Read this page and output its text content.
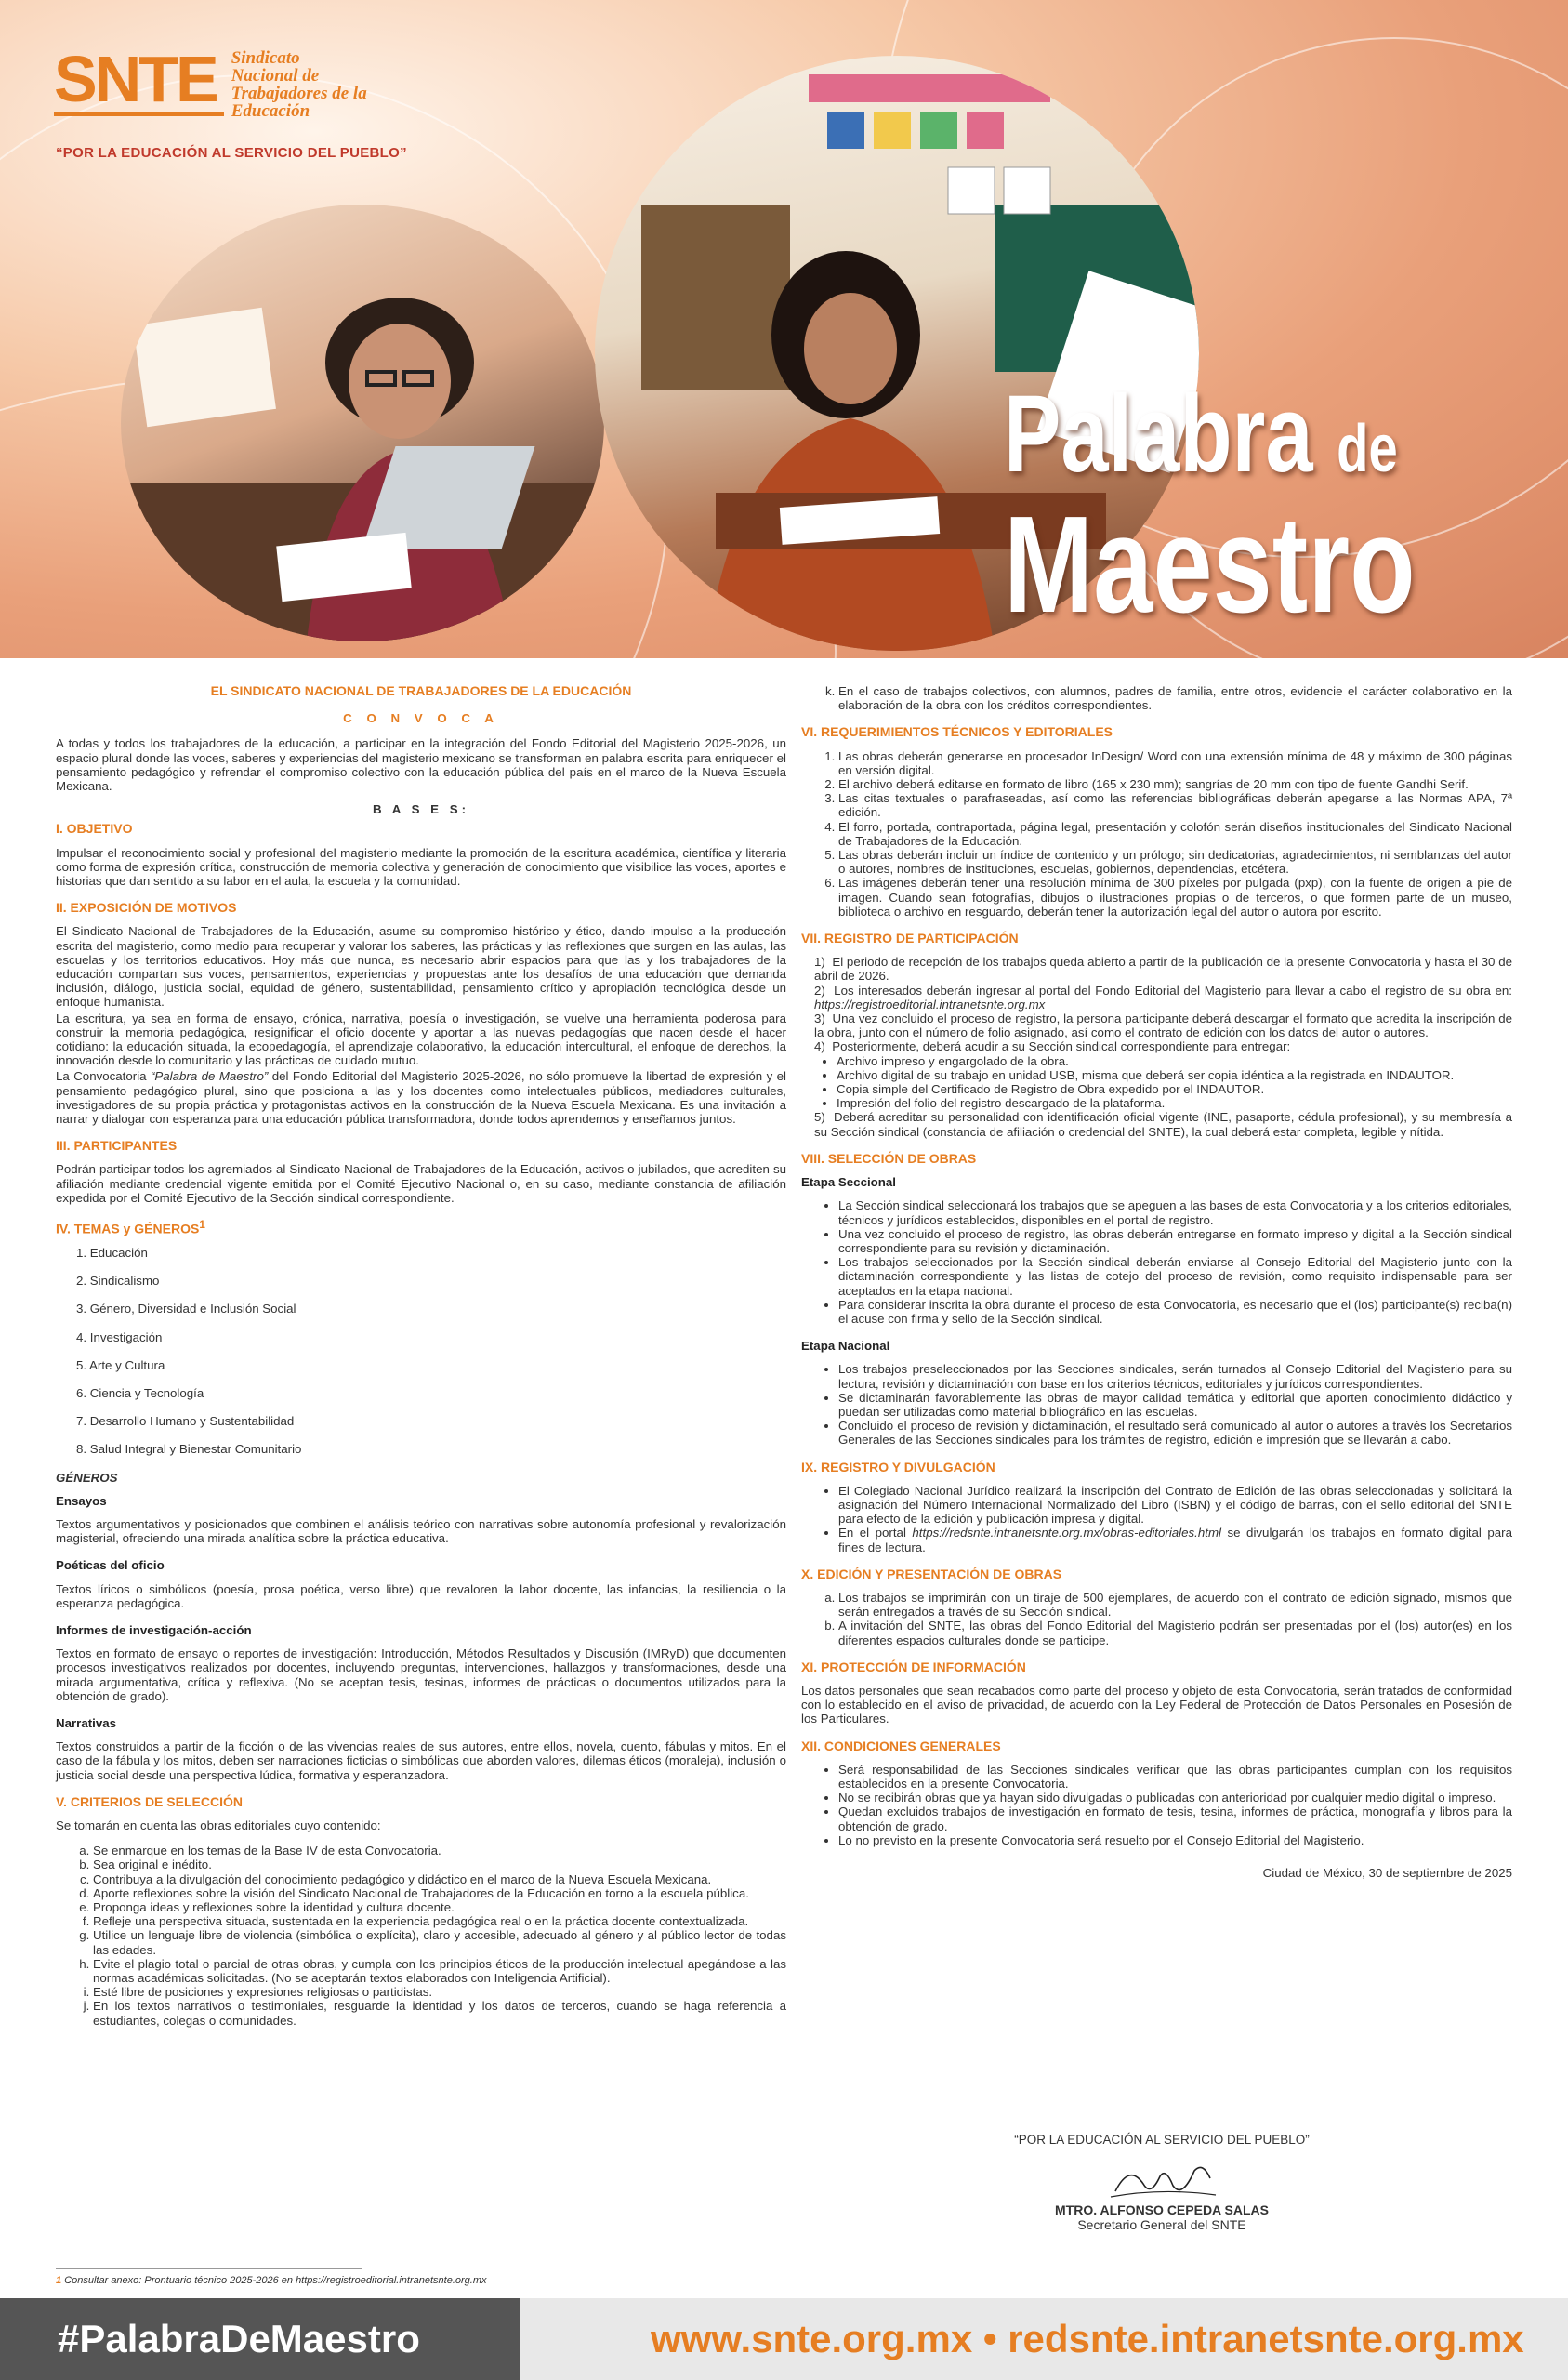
SNTE Sindicato
Nacional de
Trabajadores de la
Educación
“POR LA EDUCACIÓN AL SERVICIO DEL PUEBLO”
Palabra de
Maestro
EL SINDICATO NACIONAL DE TRABAJADORES DE LA EDUCACIÓN
C O N V O C A

A todas y todos los trabajadores de la educación, a participar en la integración del Fondo Editorial del Magisterio 2025-2026, un espacio plural donde las voces, saberes y experiencias del magisterio mexicano se transforman en palabra escrita para enriquecer el pensamiento pedagógico y refrendar el compromiso colectivo con la educación pública del país en el marco de la Nueva Escuela Mexicana.

B A S E S:
I. OBJETIVO

Impulsar el reconocimiento social y profesional del magisterio mediante la promoción de la escritura académica, científica y literaria como forma de expresión crítica, construcción de memoria colectiva y generación de conocimiento que visibilice las voces, aportes e historias que dan sentido a su labor en el aula, la escuela y la comunidad.

II. EXPOSICIÓN DE MOTIVOS

El Sindicato Nacional de Trabajadores de la Educación, asume su compromiso histórico y ético, dando impulso a la producción escrita del magisterio, como medio para recuperar y valorar los saberes, las prácticas y las reflexiones que surgen en las aulas, las escuelas y los territorios educativos. Hoy más que nunca, es necesario abrir espacios para que las y los trabajadores de la educación compartan sus voces, pensamientos, experiencias y propuestas ante los desafíos de una educación que demanda inclusión, diálogo, justicia social, equidad de género, sustentabilidad, pensamiento crítico y apropiación tecnológica desde un enfoque humanista.

La escritura, ya sea en forma de ensayo, crónica, narrativa, poesía o investigación, se vuelve una herramienta poderosa para construir la memoria pedagógica, resignificar el oficio docente y aportar a las nuevas pedagogías que nacen desde el hacer cotidiano: la educación situada, la ecopedagogía, el aprendizaje colaborativo, la educación intercultural, el enfoque de derechos, la innovación desde lo comunitario y las prácticas de cuidado mutuo.

La Convocatoria “Palabra de Maestro” del Fondo Editorial del Magisterio 2025-2026, no sólo promueve la libertad de expresión y el pensamiento pedagógico plural, sino que posiciona a las y los docentes como intelectuales públicos, mediadores culturales, investigadores de su propia práctica y protagonistas activos en la construcción de la Nueva Escuela Mexicana. Es una invitación a narrar y dialogar con esperanza para una educación pública transformadora, donde todos aprendemos y enseñamos juntos.

III. PARTICIPANTES

Podrán participar todos los agremiados al Sindicato Nacional de Trabajadores de la Educación, activos o jubilados, que acrediten su afiliación mediante credencial vigente emitida por el Comité Ejecutivo Nacional o, en su caso, mediante constancia de afiliación expedida por el Comité Ejecutivo de la Sección sindical correspondiente.

IV. TEMAS y GÉNEROS$^1$
1. Educación
2. Sindicalismo
3. Género, Diversidad e Inclusión Social
4. Investigación
5. Arte y Cultura
6. Ciencia y Tecnología
7. Desarrollo Humano y Sustentabilidad
8. Salud Integral y Bienestar Comunitario
GÉNEROS
Ensayos

Textos argumentativos y posicionados que combinen el análisis teórico con narrativas sobre autonomía profesional y revalorización magisterial, ofreciendo una mirada analítica sobre la práctica educativa.

Poéticas del oficio

Textos líricos o simbólicos (poesía, prosa poética, verso libre) que revaloren la labor docente, las infancias, la resiliencia o la esperanza pedagógica.

Informes de investigación-acción

Textos en formato de ensayo o reportes de investigación: Introducción, Métodos Resultados y Discusión (IMRyD) que documenten procesos investigativos realizados por docentes, incluyendo preguntas, intervenciones, hallazgos y transformaciones, desde una mirada argumentativa, crítica y reflexiva. (No se aceptan tesis, tesinas, informes de prácticas o documentos utilizados para la obtención de grado).

Narrativas

Textos construidos a partir de la ficción o de las vivencias reales de sus autores, entre ellos, novela, cuento, fábulas y mitos. En el caso de la fábula y los mitos, deben ser narraciones ficticias o simbólicas que aborden valores, dilemas éticos (moraleja), inclusión o justicia social desde una perspectiva lúdica, formativa y esperanzadora.

V. CRITERIOS DE SELECCIÓN

Se tomarán en cuenta las obras editoriales cuyo contenido:

a. Se enmarque en los temas de la Base IV de esta Convocatoria.
b. Sea original e inédito.
c. Contribuya a la divulgación del conocimiento pedagógico y didáctico en el marco de la Nueva Escuela Mexicana.
d. Aporte reflexiones sobre la visión del Sindicato Nacional de Trabajadores de la Educación en torno a la escuela pública.
e. Proponga ideas y reflexiones sobre la identidad y cultura docente.
f. Refleje una perspectiva situada, sustentada en la experiencia pedagógica real o en la práctica docente contextualizada.
g. Utilice un lenguaje libre de violencia (simbólica o explícita), claro y accesible, adecuado al género y al público lector de todas las edades.
h. Evite el plagio total o parcial de otras obras, y cumpla con los principios éticos de la producción intelectual apegándose a las normas académicas solicitadas. (No se aceptarán textos elaborados con Inteligencia Artificial).
i. Esté libre de posiciones y expresiones religiosas o partidistas.
j. En los textos narrativos o testimoniales, resguarde la identidad y los datos de terceros, cuando se haga referencia a estudiantes, colegas o comunidades.
k. En el caso de trabajos colectivos, con alumnos, padres de familia, entre otros, evidencie el carácter colaborativo en la elaboración de la obra con los créditos correspondientes.
VI. REQUERIMIENTOS TÉCNICOS Y EDITORIALES
1. Las obras deberán generarse en procesador InDesign/ Word con una extensión mínima de 48 y máximo de 300 páginas en versión digital.
2. El archivo deberá editarse en formato de libro (165 x 230 mm); sangrías de 20 mm con tipo de fuente Gandhi Serif.
3. Las citas textuales o parafraseadas, así como las referencias bibliográficas deberán apegarse a las Normas APA, 7ª edición.
4. El forro, portada, contraportada, página legal, presentación y colofón serán diseños institucionales del Sindicato Nacional de Trabajadores de la Educación.
5. Las obras deberán incluir un índice de contenido y un prólogo; sin dedicatorias, agradecimientos, ni semblanzas del autor o autores, nombres de instituciones, escuelas, gobiernos, dependencias, etcétera.
6. Las imágenes deberán tener una resolución mínima de 300 píxeles por pulgada (pxp), con la fuente de origen a pie de imagen. Cuando sean fotografías, dibujos o ilustraciones propias o de terceros, o que formen parte de un museo, biblioteca o archivo en resguardo, deberán tener la autorización legal del autor o autora por escrito.
VII. REGISTRO DE PARTICIPACIÓN
1)  El periodo de recepción de los trabajos queda abierto a partir de la publicación de la presente Convocatoria y hasta el 30 de abril de 2026.
2)  Los interesados deberán ingresar al portal del Fondo Editorial del Magisterio para llevar a cabo el registro de su obra en: https://registroeditorial.intranetsnte.org.mx
3)  Una vez concluido el proceso de registro, la persona participante deberá descargar el formato que acredita la inscripción de la obra, junto con el número de folio asignado, así como el contrato de edición con los datos del autor o autores.
4)  Posteriormente, deberá acudir a su Sección sindical correspondiente para entregar:
• Archivo impreso y engargolado de la obra.
• Archivo digital de su trabajo en unidad USB, misma que deberá ser copia idéntica a la registrada en INDAUTOR.
• Copia simple del Certificado de Registro de Obra expedido por el INDAUTOR.
• Impresión del folio del registro descargado de la plataforma.
5)  Deberá acreditar su personalidad con identificación oficial vigente (INE, pasaporte, cédula profesional), y su membresía a su Sección sindical (constancia de afiliación o credencial del SNTE), la cual deberá estar completa, legible y nítida.
VIII. SELECCIÓN DE OBRAS
Etapa Seccional
• La Sección sindical seleccionará los trabajos que se apeguen a las bases de esta Convocatoria y a los criterios editoriales, técnicos y jurídicos establecidos, disponibles en el portal de registro.
• Una vez concluido el proceso de registro, las obras deberán entregarse en formato impreso y digital a la Sección sindical correspondiente para su revisión y dictaminación.
• Los trabajos seleccionados por la Sección sindical deberán enviarse al Consejo Editorial del Magisterio junto con la dictaminación correspondiente y las listas de cotejo del proceso de revisión, como requisito indispensable para ser aceptados en la etapa nacional.
• Para considerar inscrita la obra durante el proceso de esta Convocatoria, es necesario que el (los) participante(s) reciba(n) el acuse con firma y sello de la Sección sindical.
Etapa Nacional
• Los trabajos preseleccionados por las Secciones sindicales, serán turnados al Consejo Editorial del Magisterio para su lectura, revisión y dictaminación con base en los criterios técnicos, editoriales y jurídicos correspondientes.
• Se dictaminarán favorablemente las obras de mayor calidad temática y editorial que aporten conocimiento didáctico y puedan ser utilizadas como material bibliográfico en las escuelas.
• Concluido el proceso de revisión y dictaminación, el resultado será comunicado al autor o autores a través los Secretarios Generales de las Secciones sindicales para los trámites de registro, edición e impresión que se llevarán a cabo.
IX. REGISTRO Y DIVULGACIÓN
• El Colegiado Nacional Jurídico realizará la inscripción del Contrato de Edición de las obras seleccionadas y solicitará la asignación del Número Internacional Normalizado del Libro (ISBN) y el código de barras, con el sello editorial del SNTE para efecto de la edición y publicación impresa y digital.
• En el portal https://redsnte.intranetsnte.org.mx/obras-editoriales.html se divulgarán los trabajos en formato digital para fines de lectura.
X. EDICIÓN Y PRESENTACIÓN DE OBRAS
a. Los trabajos se imprimirán con un tiraje de 500 ejemplares, de acuerdo con el contrato de edición signado, mismos que serán entregados a través de su Sección sindical.
b. A invitación del SNTE, las obras del Fondo Editorial del Magisterio podrán ser presentadas por el (los) autor(es) en los diferentes espacios culturales donde se participe.
XI. PROTECCIÓN DE INFORMACIÓN

Los datos personales que sean recabados como parte del proceso y objeto de esta Convocatoria, serán tratados de conformidad con lo establecido en el aviso de privacidad, de acuerdo con la Ley Federal de Protección de Datos Personales en Posesión de los Particulares.

XII. CONDICIONES GENERALES
• Será responsabilidad de las Secciones sindicales verificar que las obras participantes cumplan con los requisitos establecidos en la presente Convocatoria.
• No se recibirán obras que ya hayan sido divulgadas o publicadas con anterioridad por cualquier medio digital o impreso.
• Quedan excluidos trabajos de investigación en formato de tesis, tesina, informes de práctica, monografía y libros para la obtención de grado.
• Lo no previsto en la presente Convocatoria será resuelto por el Consejo Editorial del Magisterio.
Ciudad de México, 30 de septiembre de 2025
“POR LA EDUCACIÓN AL SERVICIO DEL PUEBLO”
MTRO. ALFONSO CEPEDA SALAS
Secretario General del SNTE
1 Consultar anexo: Prontuario técnico 2025-2026 en https://registroeditorial.intranetsnte.org.mx
#PalabraDeMaestro	www.snte.org.mx • redsnte.intranetsnte.org.mx
